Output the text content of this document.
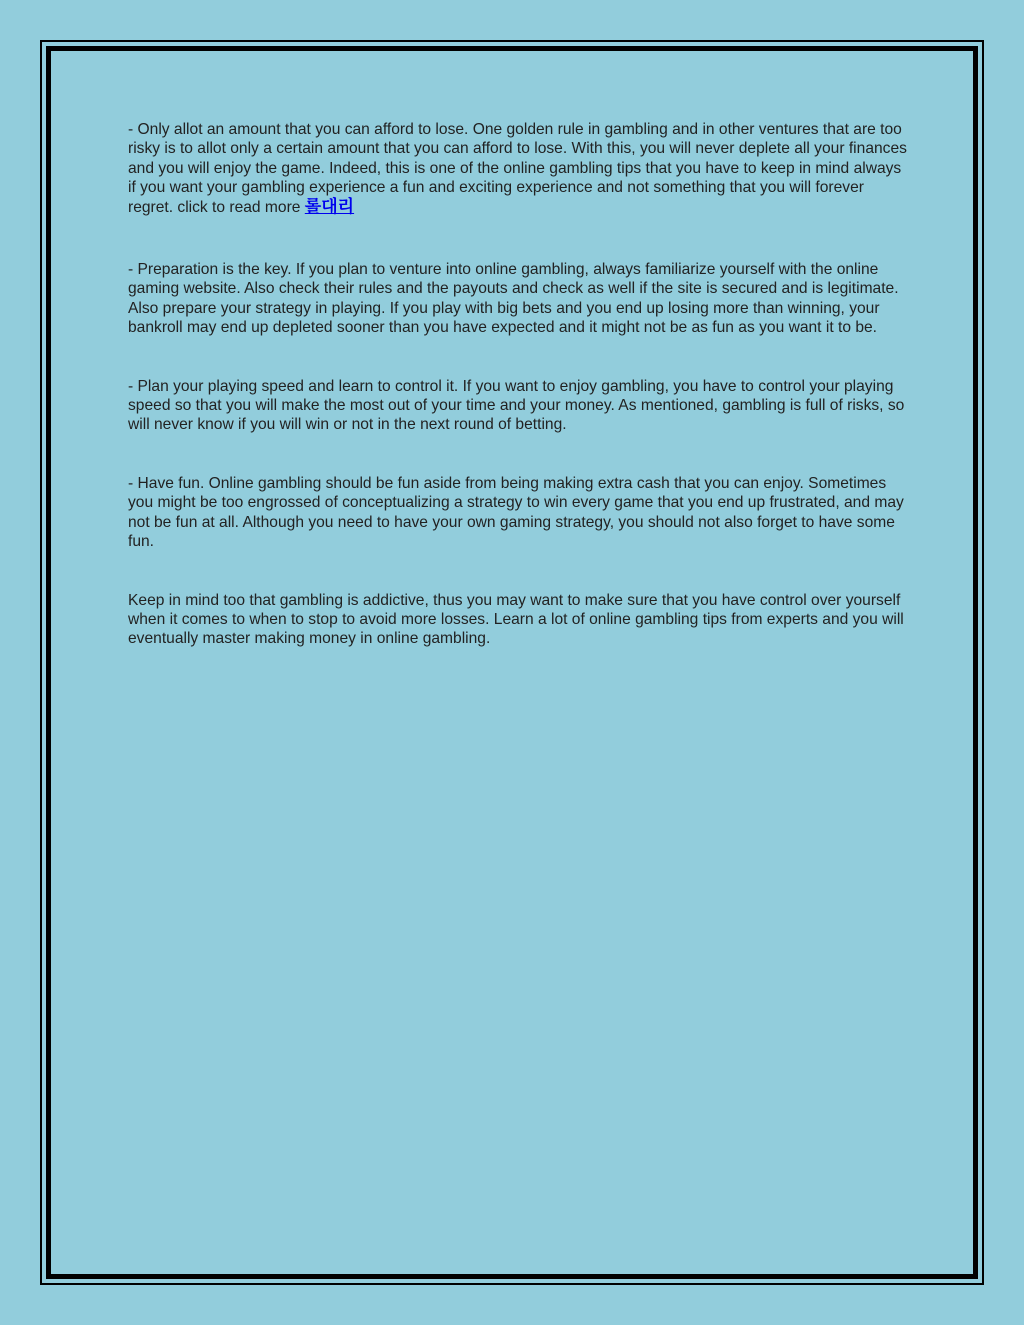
- Only allot an amount that you can afford to lose. One golden rule in gambling and in other ventures that are too risky is to allot only a certain amount that you can afford to lose. With this, you will never deplete all your finances and you will enjoy the game. Indeed, this is one of the online gambling tips that you have to keep in mind always if you want your gambling experience a fun and exciting experience and not something that you will forever regret. click to read more 롤대리

- Preparation is the key. If you plan to venture into online gambling, always familiarize yourself with the online gaming website. Also check their rules and the payouts and check as well if the site is secured and is legitimate. Also prepare your strategy in playing. If you play with big bets and you end up losing more than winning, your bankroll may end up depleted sooner than you have expected and it might not be as fun as you want it to be.

- Plan your playing speed and learn to control it. If you want to enjoy gambling, you have to control your playing speed so that you will make the most out of your time and your money. As mentioned, gambling is full of risks, so will never know if you will win or not in the next round of betting.

- Have fun. Online gambling should be fun aside from being making extra cash that you can enjoy. Sometimes you might be too engrossed of conceptualizing a strategy to win every game that you end up frustrated, and may not be fun at all. Although you need to have your own gaming strategy, you should not also forget to have some fun.

Keep in mind too that gambling is addictive, thus you may want to make sure that you have control over yourself when it comes to when to stop to avoid more losses. Learn a lot of online gambling tips from experts and you will eventually master making money in online gambling.
